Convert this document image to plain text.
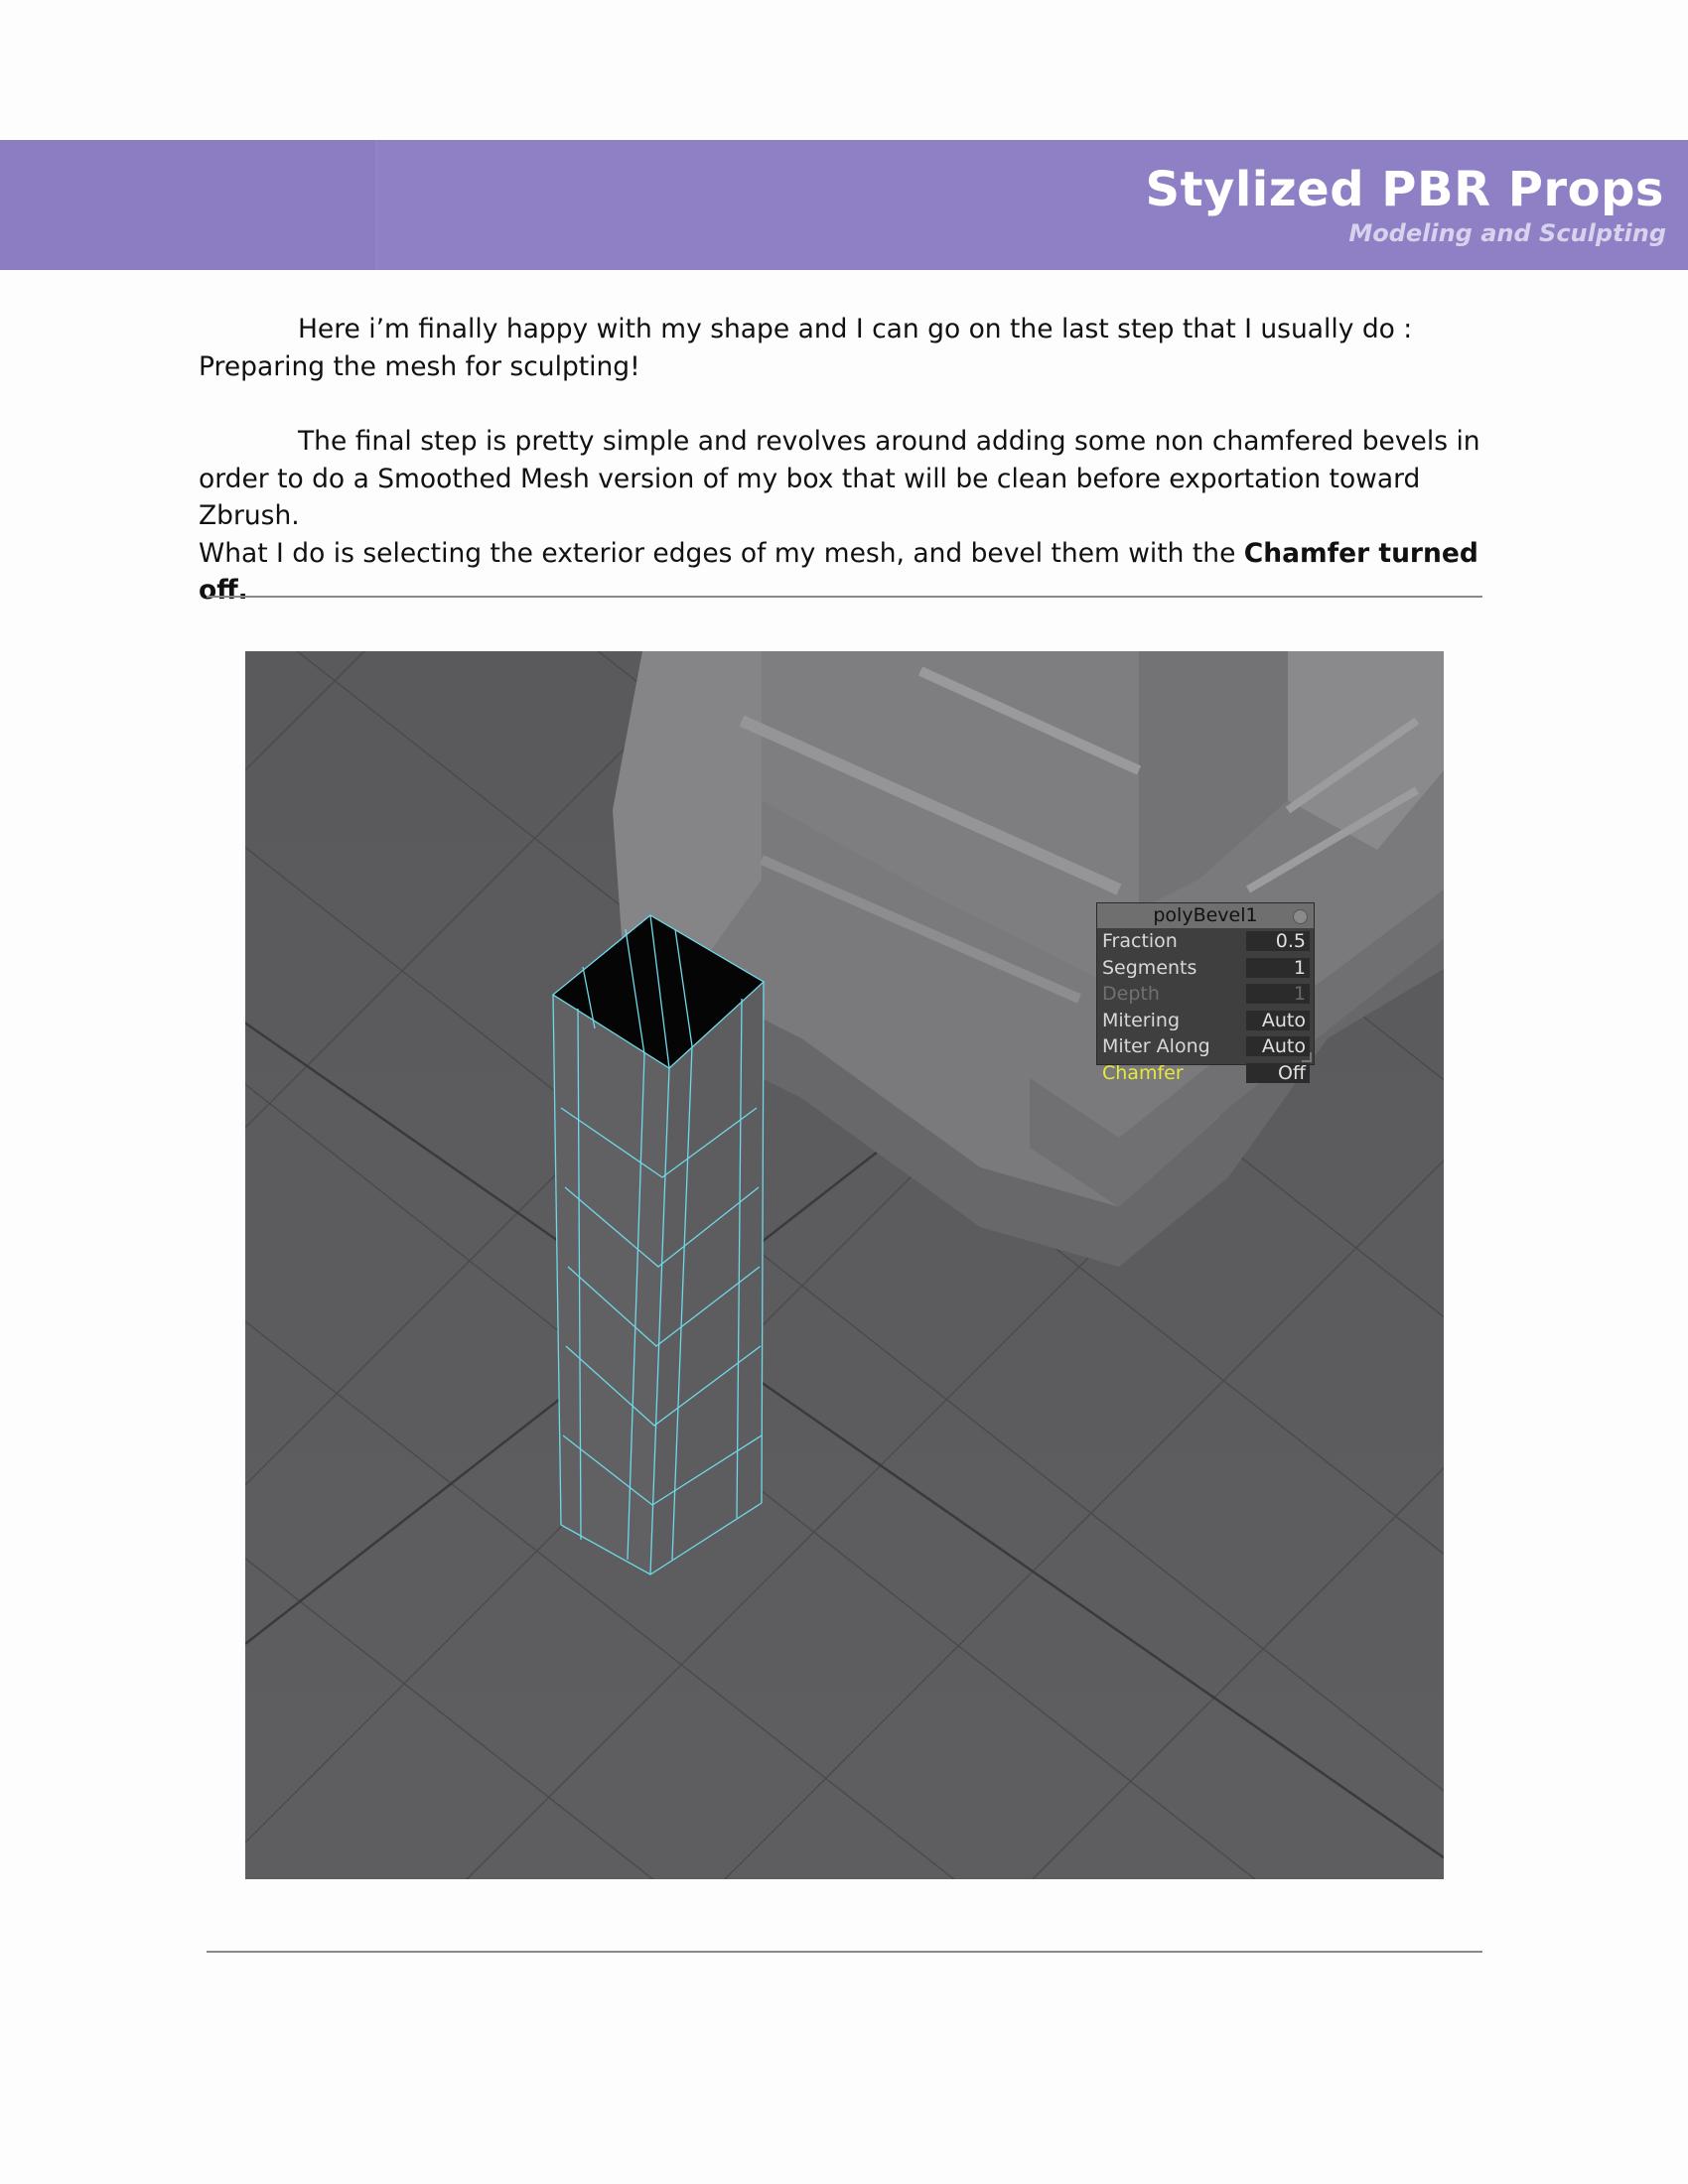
Stylized PBR Props
Modeling and Sculpting
Here i’m finally happy with my shape and I can go on the last step that I usually do : Preparing the mesh for sculpting!
The final step is pretty simple and revolves around adding some non chamfered bevels in order to do a Smoothed Mesh version of my box that will be clean before exportation toward Zbrush.
What I do is selecting the exterior edges of my mesh, and bevel them with the Chamfer turned off.
polyBevel1
Fraction	0.5
Segments	1
Depth	1
Mitering	Auto
Miter Along	Auto
Chamfer	Off
